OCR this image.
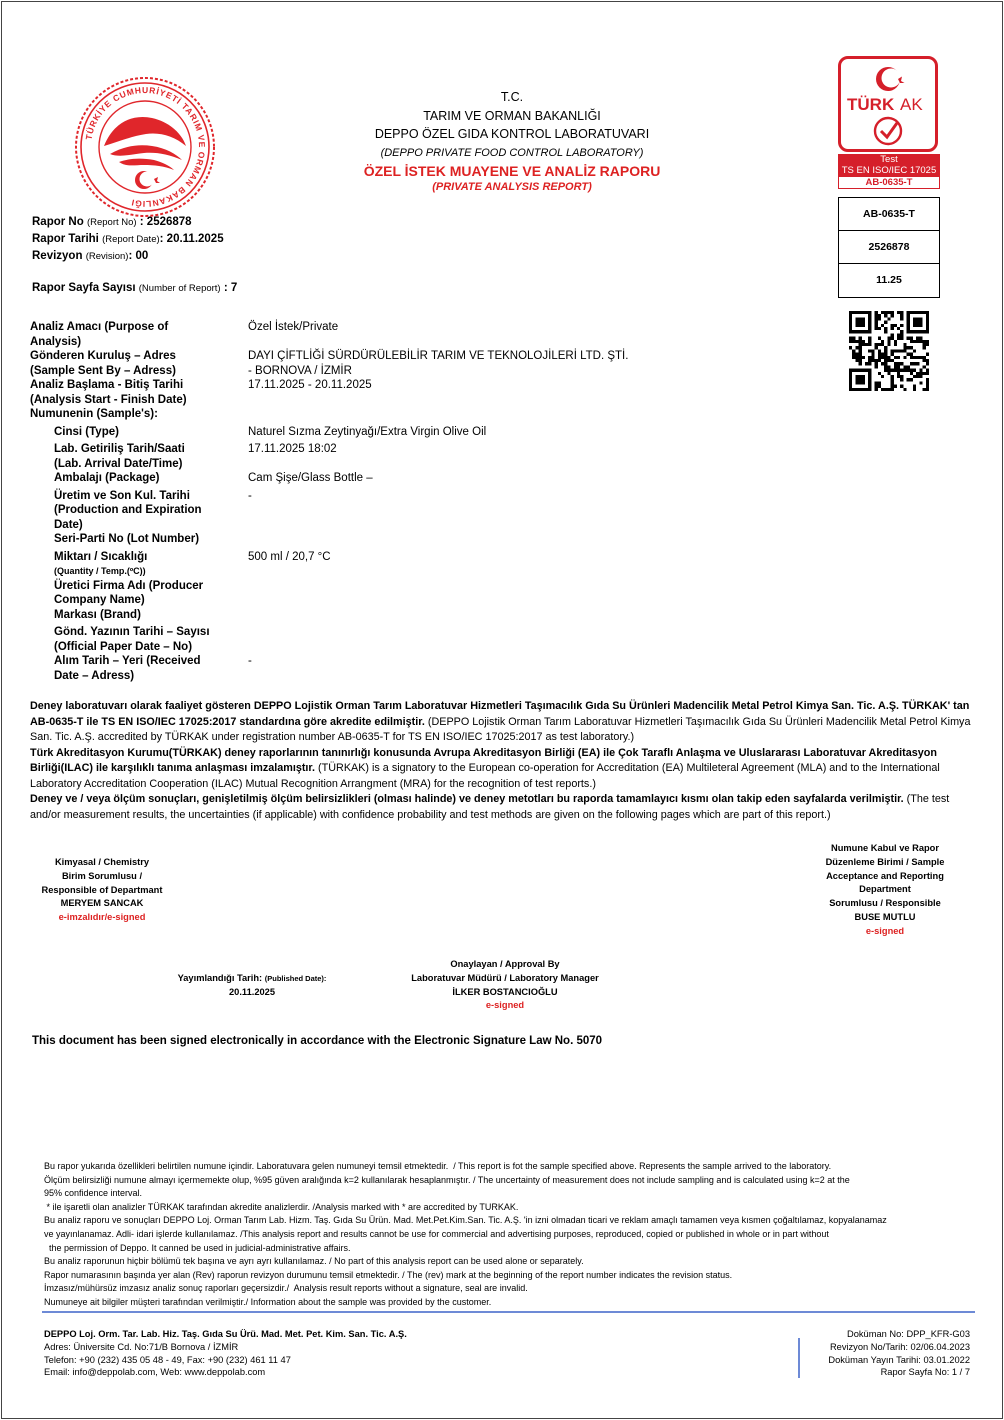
TÜRKİYE CUMHURİYETİ TARIM VE ORMAN BAKANLIĞI
T.C.
TARIM VE ORMAN BAKANLIĞI
DEPPO ÖZEL GIDA KONTROL LABORATUVARI
(DEPPO PRIVATE FOOD CONTROL LABORATORY)
ÖZEL İSTEK MUAYENE VE ANALİZ RAPORU
(PRIVATE ANALYSIS REPORT)
Rapor No (Report No) : 2526878
Rapor Tarihi (Report Date): 20.11.2025
Revizyon (Revision): 00
Rapor Sayfa Sayısı (Number of Report) : 7
TÜRK AK
Test
TS EN ISO/IEC 17025
AB-0635-T
AB-0635-T
2526878
11.25
Analiz Amacı (Purpose of	Özel İstek/Private
Analysis)
Gönderen Kuruluş – Adres	DAYI ÇİFTLİĞİ SÜRDÜRÜLEBİLİR TARIM VE TEKNOLOJİLERİ LTD. ŞTİ.
(Sample Sent By – Adress)	- BORNOVA / İZMİR
Analiz Başlama - Bitiş Tarihi	17.11.2025 - 20.11.2025
(Analysis Start - Finish Date)
Numunenin (Sample's):
Cinsi (Type)	Naturel Sızma Zeytinyağı/Extra Virgin Olive Oil
Lab. Getiriliş Tarih/Saati	17.11.2025 18:02
(Lab. Arrival Date/Time)
Ambalajı (Package)	Cam Şişe/Glass Bottle –
Üretim ve Son Kul. Tarihi	-
(Production and Expiration
Date)
Seri-Parti No (Lot Number)
Miktarı / Sıcaklığı	500 ml / 20,7 °C
(Quantity / Temp.(ºC))
Üretici Firma Adı (Producer
Company Name)
Markası (Brand)
Gönd. Yazının Tarihi – Sayısı
(Official Paper Date – No)
Alım Tarih – Yeri (Received	-
Date – Adress)

Deney laboratuvarı olarak faaliyet gösteren DEPPO Lojistik Orman Tarım Laboratuvar Hizmetleri Taşımacılık Gıda Su Ürünleri Madencilik Metal Petrol Kimya San. Tic. A.Ş. TÜRKAK' tan AB-0635-T ile TS EN ISO/IEC 17025:2017 standardına göre akredite edilmiştir. (DEPPO Lojistik Orman Tarım Laboratuvar Hizmetleri Taşımacılık Gıda Su Ürünleri Madencilik Metal Petrol Kimya San. Tic. A.Ş. accredited by TÜRKAK under registration number AB-0635-T for TS EN ISO/IEC 17025:2017 as test laboratory.)

Türk Akreditasyon Kurumu(TÜRKAK) deney raporlarının tanınırlığı konusunda Avrupa Akreditasyon Birliği (EA) ile Çok Taraflı Anlaşma ve Uluslararası Laboratuvar Akreditasyon Birliği(ILAC) ile karşılıklı tanıma anlaşması imzalamıştır. (TÜRKAK) is a signatory to the European co-operation for Accreditation (EA) Multileteral Agreement (MLA) and to the International Laboratory Accreditation Cooperation (ILAC) Mutual Recognition Arrangment (MRA) for the recognition of test reports.)

Deney ve / veya ölçüm sonuçları, genişletilmiş ölçüm belirsizlikleri (olması halinde) ve deney metotları bu raporda tamamlayıcı kısmı olan takip eden sayfalarda verilmiştir. (The test and/or measurement results, the uncertainties (if applicable) with confidence probability and test methods are given on the following pages which are part of this report.)

Kimyasal / Chemistry
Birim Sorumlusu /
Responsible of Departmant
MERYEM SANCAK
e-imzalıdır/e-signed
Numune Kabul ve Rapor
Düzenleme Birimi / Sample
Acceptance and Reporting
Department
Sorumlusu / Responsible
BUSE MUTLU
e-signed
Yayımlandığı Tarih: (Published Date):
20.11.2025
Onaylayan / Approval By
Laboratuvar Müdürü / Laboratory Manager
İLKER BOSTANCIOĞLU
e-signed
This document has been signed electronically in accordance with the Electronic Signature Law No. 5070
Bu rapor yukarıda özellikleri belirtilen numune içindir. Laboratuvara gelen numuneyi temsil etmektedir.  / This report is fot the sample specified above. Represents the sample arrived to the laboratory.
Ölçüm belirsizliği numune almayı içermemekte olup, %95 güven aralığında k=2 kullanılarak hesaplanmıştır. / The uncertainty of measurement does not include sampling and is calculated using k=2 at the
95% confidence interval.
* ile işaretli olan analizler TÜRKAK tarafından akredite analizlerdir. /Analysis marked with * are accredited by TURKAK.
Bu analiz raporu ve sonuçları DEPPO Loj. Orman Tarım Lab. Hizm. Taş. Gıda Su Ürün. Mad. Met.Pet.Kim.San. Tic. A.Ş. 'in izni olmadan ticari ve reklam amaçlı tamamen veya kısmen çoğaltılamaz, kopyalanamaz
ve yayınlanamaz. Adli- idari işlerde kullanılamaz. /This analysis report and results cannot be use for commercial and advertising purposes, reproduced, copied or published in whole or in part without
the permission of Deppo. It canned be used in judicial-administrative affairs.
Bu analiz raporunun hiçbir bölümü tek başına ve ayrı ayrı kullanılamaz. / No part of this analysis report can be used alone or separately.
Rapor numarasının başında yer alan (Rev) raporun revizyon durumunu temsil etmektedir. / The (rev) mark at the beginning of the report number indicates the revision status.
İmzasız/mühürsüz imzasız analiz sonuç raporları geçersizdir./  Analysis result reports without a signature, seal are invalid.
Numuneye ait bilgiler müşteri tarafından verilmiştir./ Information about the sample was provided by the customer.
DEPPO Loj. Orm. Tar. Lab. Hiz. Taş. Gıda Su Ürü. Mad. Met. Pet. Kim. San. Tic. A.Ş.
Adres: Üniversite Cd. No:71/B Bornova / İZMİR
Telefon: +90 (232) 435 05 48 - 49, Fax: +90 (232) 461 11 47
Email: info@deppolab.com, Web: www.deppolab.com
Doküman No: DPP_KFR-G03
Revizyon No/Tarih: 02/06.04.2023
Doküman Yayın Tarihi: 03.01.2022
Rapor Sayfa No: 1 / 7
